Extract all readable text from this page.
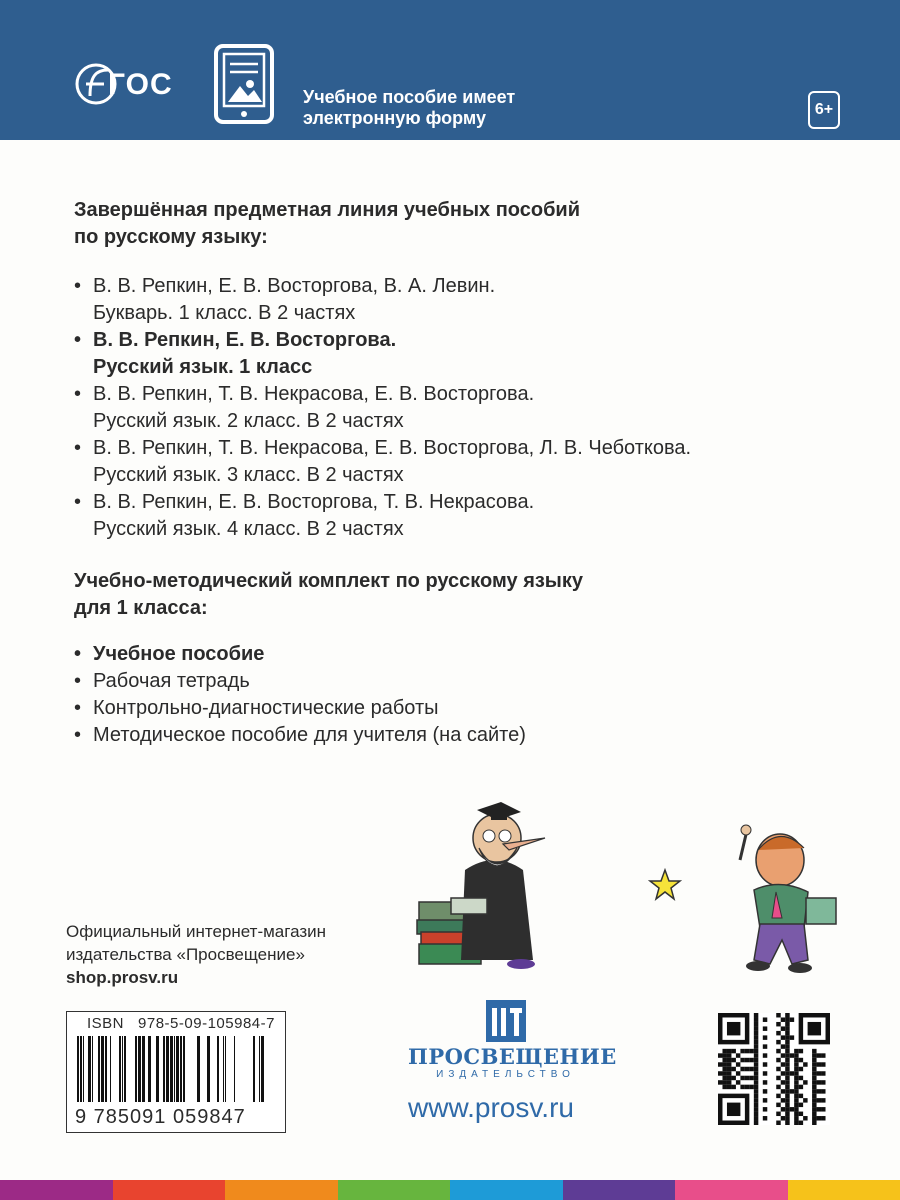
ГОС	Учебное пособие имеет
электронную форму	6+
Завершённая предметная линия учебных пособий
по русскому языку:
• В. В. Репкин, Е. В. Восторгова, В. А. Левин.
Букварь. 1 класс. В 2 частях
• В. В. Репкин, Е. В. Восторгова.
Русский язык. 1 класс
• В. В. Репкин, Т. В. Некрасова, Е. В. Восторгова.
Русский язык. 2 класс. В 2 частях
• В. В. Репкин, Т. В. Некрасова, Е. В. Восторгова, Л. В. Чеботкова.
Русский язык. 3 класс. В 2 частях
• В. В. Репкин, Е. В. Восторгова, Т. В. Некрасова.
Русский язык. 4 класс. В 2 частях
Учебно-методический комплект по русскому языку
для 1 класса:
• Учебное пособие
• Рабочая тетрадь
• Контрольно-диагностические работы
• Методическое пособие для учителя (на сайте)
Официальный интернет-магазин
издательства «Просвещение»
shop.prosv.ru
ISBN 978-5-09-105984-7
9 785091 059847
ПРОСВЕЩЕНИЕ
ИЗДАТЕЛЬСТВО
www.prosv.ru
